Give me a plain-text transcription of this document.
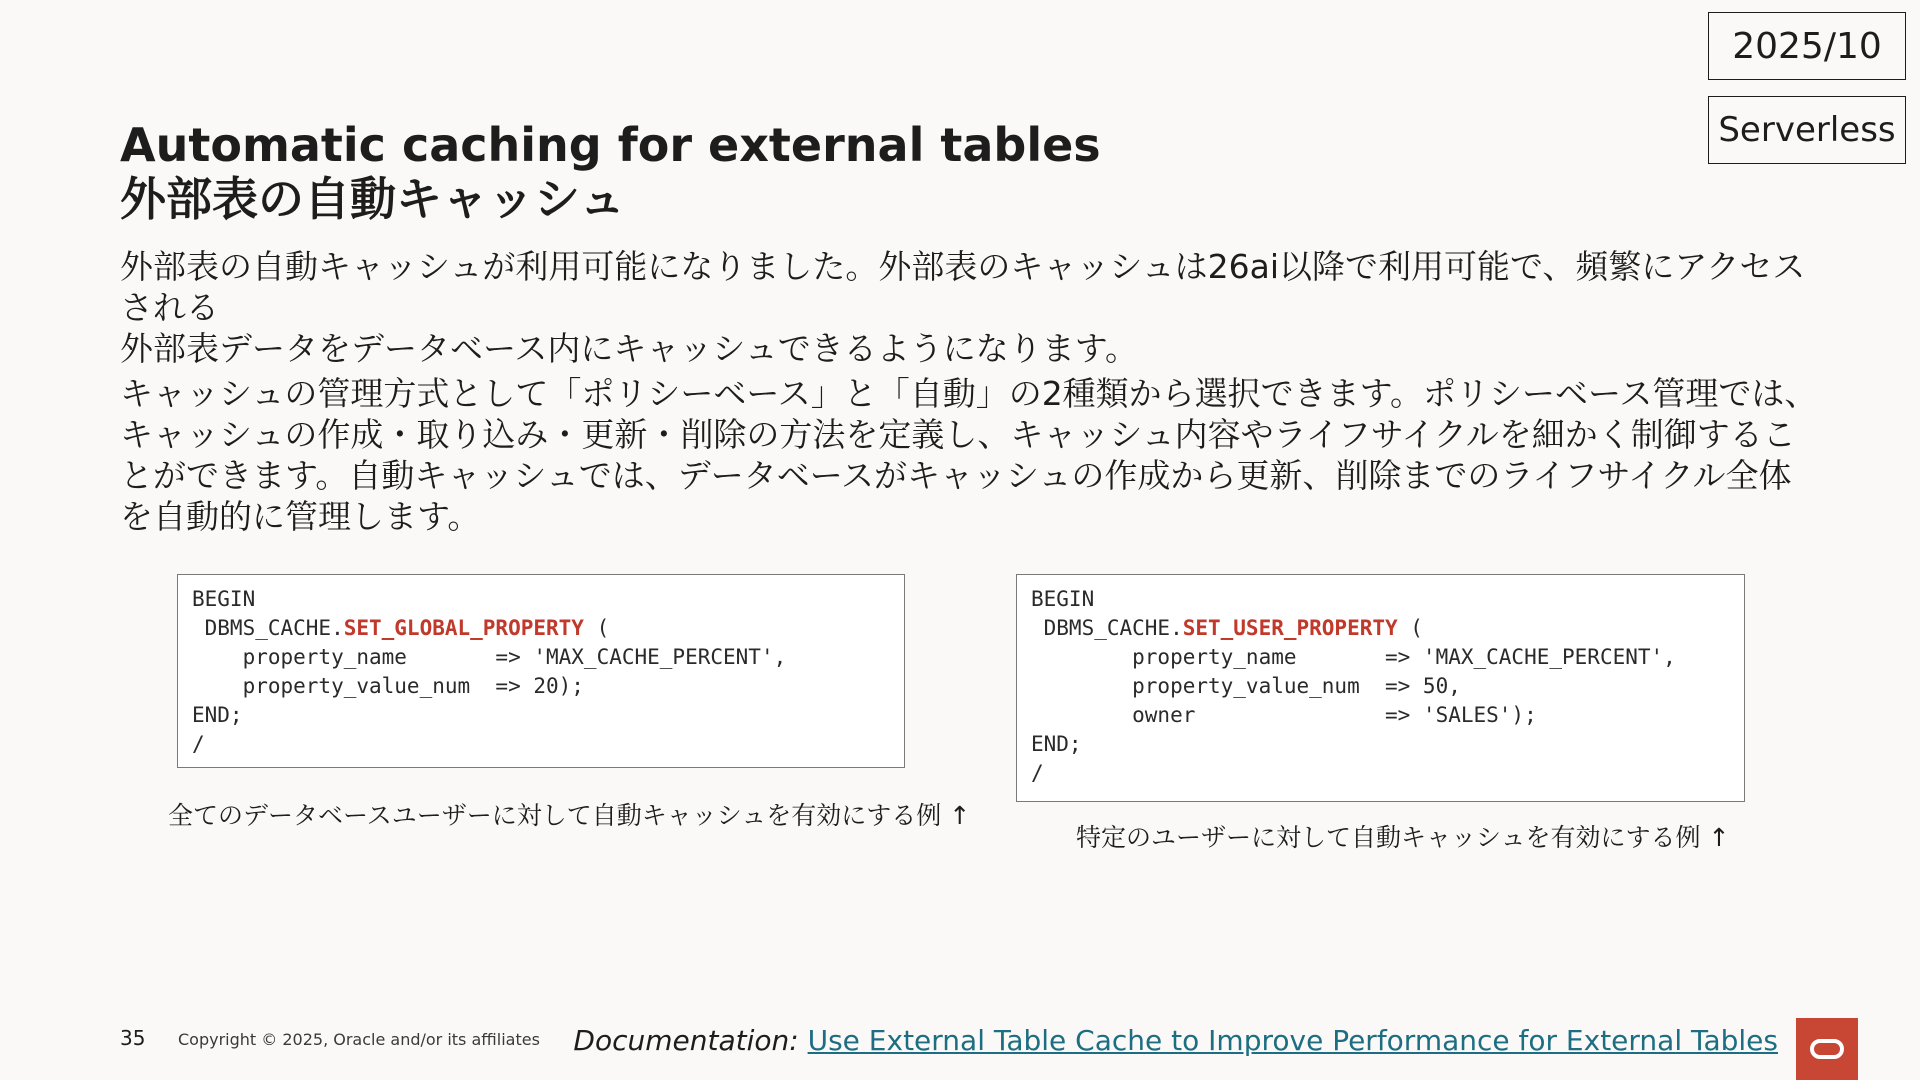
2025/10
Serverless
Automatic caching for external tables
外部表の自動キャッシュ

外部表の自動キャッシュが利用可能になりました。外部表のキャッシュは26ai以降で利用可能で、頻繁にアクセスされる
外部表データをデータベース内にキャッシュできるようになります。

キャッシュの管理方式として「ポリシーベース」と「自動」の2種類から選択できます。ポリシーベース管理では、キャッシュの作成・取り込み・更新・削除の方法を定義し、キャッシュ内容やライフサイクルを細かく制御することができます。自動キャッシュでは、データベースがキャッシュの作成から更新、削除までのライフサイクル全体を自動的に管理します。

BEGIN
DBMS_CACHE.SET_GLOBAL_PROPERTY (
property_name       => 'MAX_CACHE_PERCENT',
property_value_num  => 20);
END;
/
全てのデータベースユーザーに対して自動キャッシュを有効にする例 ↑
BEGIN
DBMS_CACHE.SET_USER_PROPERTY (
property_name       => 'MAX_CACHE_PERCENT',
property_value_num  => 50,
owner               => 'SALES');
END;
/
特定のユーザーに対して自動キャッシュを有効にする例 ↑
35 Copyright © 2025, Oracle and/or its affiliates Documentation: Use External Table Cache to Improve Performance for External Tables
